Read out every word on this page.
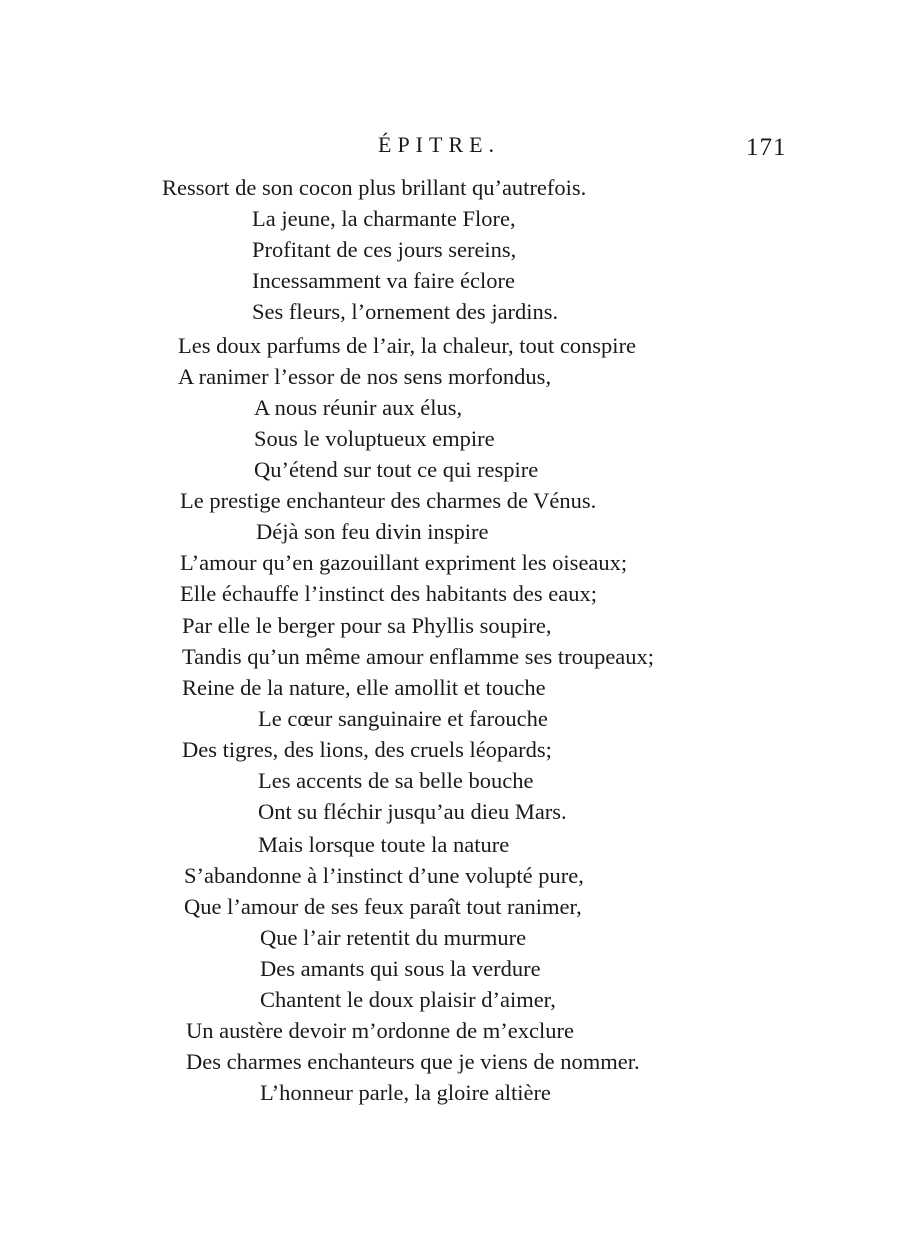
ÉPITRE.	171
Ressort de son cocon plus brillant qu’autrefois.
La jeune, la charmante Flore,
Profitant de ces jours sereins,
Incessamment va faire éclore
Ses fleurs, l’ornement des jardins.
Les doux parfums de l’air, la chaleur, tout conspire
A ranimer l’essor de nos sens morfondus,
A nous réunir aux élus,
Sous le voluptueux empire
Qu’étend sur tout ce qui respire
Le prestige enchanteur des charmes de Vénus.
Déjà son feu divin inspire
L’amour qu’en gazouillant expriment les oiseaux;
Elle échauffe l’instinct des habitants des eaux;
Par elle le berger pour sa Phyllis soupire,
Tandis qu’un même amour enflamme ses troupeaux;
Reine de la nature, elle amollit et touche
Le cœur sanguinaire et farouche
Des tigres, des lions, des cruels léopards;
Les accents de sa belle bouche
Ont su fléchir jusqu’au dieu Mars.
Mais lorsque toute la nature
S’abandonne à l’instinct d’une volupté pure,
Que l’amour de ses feux paraît tout ranimer,
Que l’air retentit du murmure
Des amants qui sous la verdure
Chantent le doux plaisir d’aimer,
Un austère devoir m’ordonne de m’exclure
Des charmes enchanteurs que je viens de nommer.
L’honneur parle, la gloire altière
